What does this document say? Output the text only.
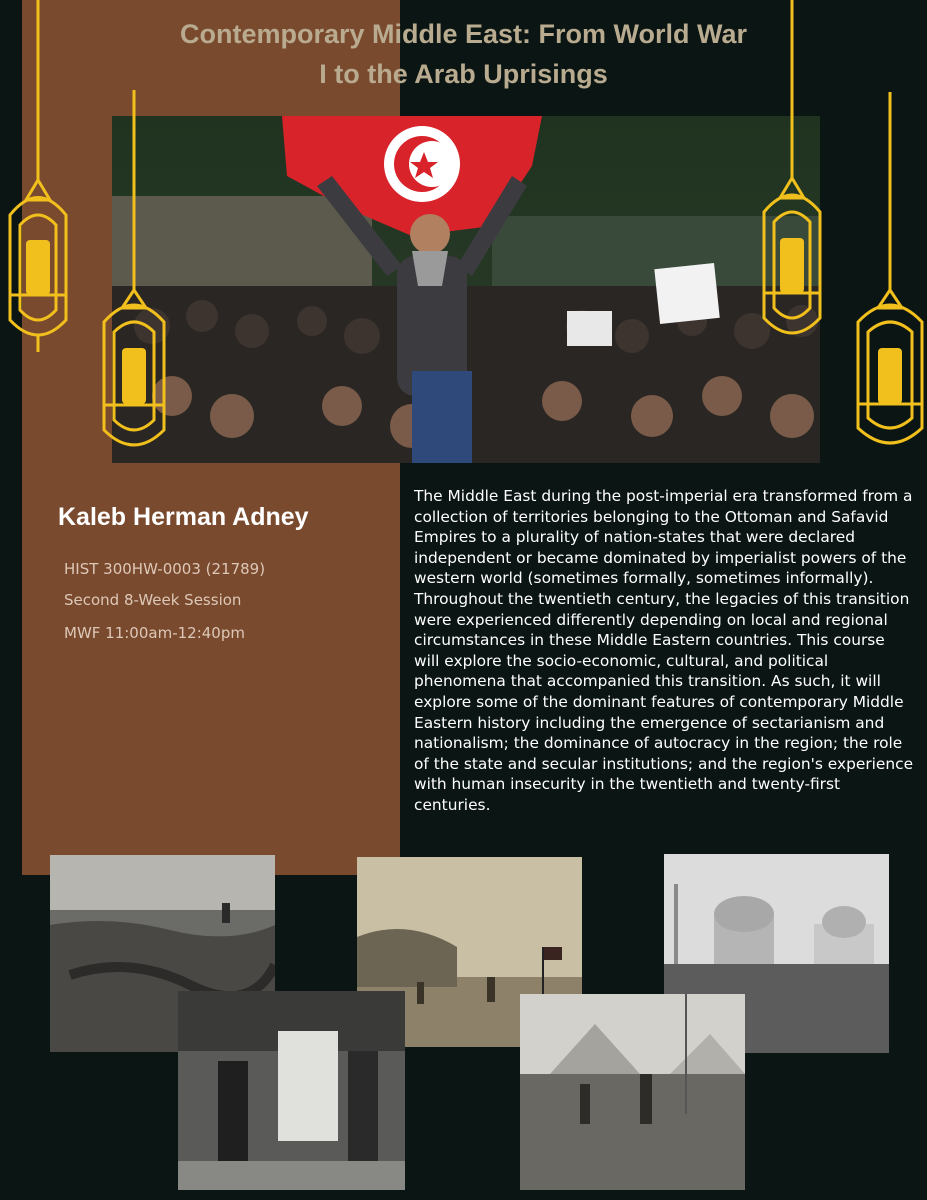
Contemporary Middle East: From World War
I to the Arab Uprisings
Kaleb Herman Adney
HIST 300HW-0003 (21789)
Second 8-Week Session
MWF 11:00am-12:40pm
The Middle East during the post-imperial era transformed from a collection of territories belonging to the Ottoman and Safavid Empires to a plurality of nation-states that were declared independent or became dominated by imperialist powers of the western world (sometimes formally, sometimes informally). Throughout the twentieth century, the legacies of this transition were experienced differently depending on local and regional circumstances in these Middle Eastern countries. This course will explore the socio-economic, cultural, and political phenomena that accompanied this transition. As such, it will explore some of the dominant features of contemporary Middle Eastern history including the emergence of sectarianism and nationalism; the dominance of autocracy in the region; the role of the state and secular institutions; and the region's experience with human insecurity in the twentieth and twenty-first centuries.
